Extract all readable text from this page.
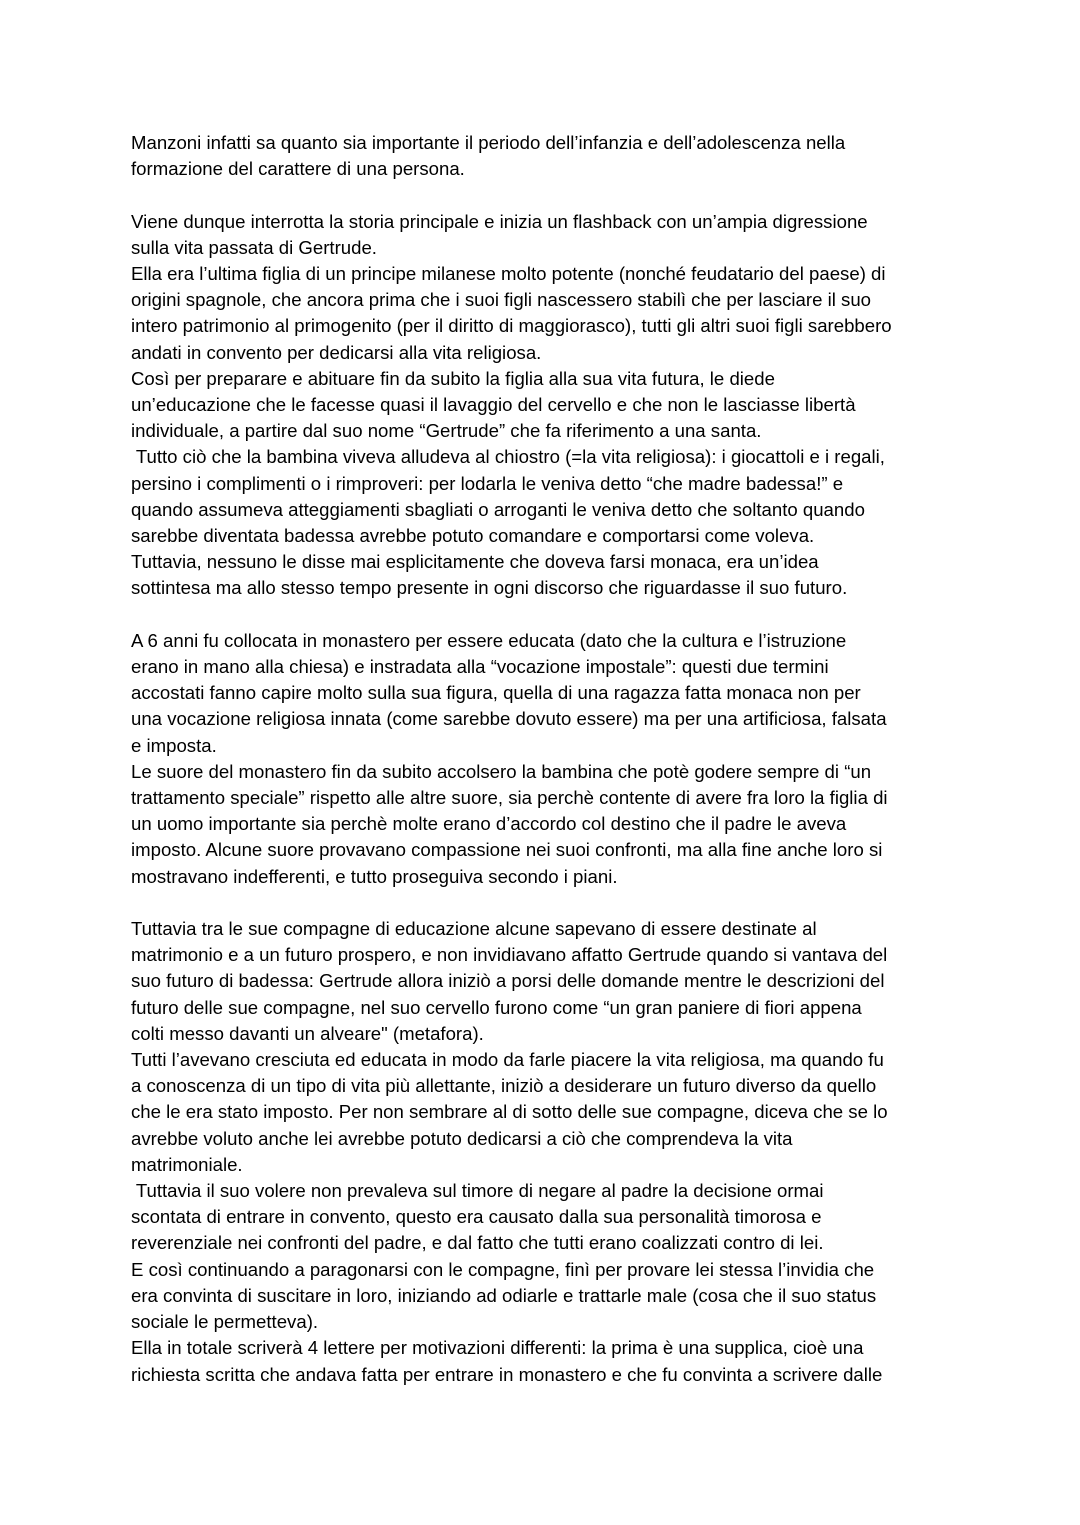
Manzoni infatti sa quanto sia importante il periodo dell’infanzia e dell’adolescenza nella
formazione del carattere di una persona.

Viene dunque interrotta la storia principale e inizia un flashback con un’ampia digressione
sulla vita passata di Gertrude.

Ella era l’ultima figlia di un principe milanese molto potente (nonché feudatario del paese) di
origini spagnole, che ancora prima che i suoi figli nascessero stabilì che per lasciare il suo
intero patrimonio al primogenito (per il diritto di maggiorasco), tutti gli altri suoi figli sarebbero
andati in convento per dedicarsi alla vita religiosa.

Così per preparare e abituare fin da subito la figlia alla sua vita futura, le diede
un’educazione che le facesse quasi il lavaggio del cervello e che non le lasciasse libertà
individuale, a partire dal suo nome “Gertrude” che fa riferimento a una santa.

Tutto ciò che la bambina viveva alludeva al chiostro (=la vita religiosa): i giocattoli e i regali,
persino i complimenti o i rimproveri: per lodarla le veniva detto “che madre badessa!” e
quando assumeva atteggiamenti sbagliati o arroganti le veniva detto che soltanto quando
sarebbe diventata badessa avrebbe potuto comandare e comportarsi come voleva.

Tuttavia, nessuno le disse mai esplicitamente che doveva farsi monaca, era un’idea
sottintesa ma allo stesso tempo presente in ogni discorso che riguardasse il suo futuro.

A 6 anni fu collocata in monastero per essere educata (dato che la cultura e l’istruzione
erano in mano alla chiesa) e instradata alla “vocazione impostale”: questi due termini
accostati fanno capire molto sulla sua figura, quella di una ragazza fatta monaca non per
una vocazione religiosa innata (come sarebbe dovuto essere) ma per una artificiosa, falsata
e imposta.

Le suore del monastero fin da subito accolsero la bambina che potè godere sempre di “un
trattamento speciale” rispetto alle altre suore, sia perchè contente di avere fra loro la figlia di
un uomo importante sia perchè molte erano d’accordo col destino che il padre le aveva
imposto. Alcune suore provavano compassione nei suoi confronti, ma alla fine anche loro si
mostravano indefferenti, e tutto proseguiva secondo i piani.

Tuttavia tra le sue compagne di educazione alcune sapevano di essere destinate al
matrimonio e a un futuro prospero, e non invidiavano affatto Gertrude quando si vantava del
suo futuro di badessa: Gertrude allora iniziò a porsi delle domande mentre le descrizioni del
futuro delle sue compagne, nel suo cervello furono come “un gran paniere di fiori appena
colti messo davanti un alveare" (metafora).

Tutti l’avevano cresciuta ed educata in modo da farle piacere la vita religiosa, ma quando fu
a conoscenza di un tipo di vita più allettante, iniziò a desiderare un futuro diverso da quello
che le era stato imposto. Per non sembrare al di sotto delle sue compagne, diceva che se lo
avrebbe voluto anche lei avrebbe potuto dedicarsi a ciò che comprendeva la vita
matrimoniale.

Tuttavia il suo volere non prevaleva sul timore di negare al padre la decisione ormai
scontata di entrare in convento, questo era causato dalla sua personalità timorosa e
reverenziale nei confronti del padre, e dal fatto che tutti erano coalizzati contro di lei.

E così continuando a paragonarsi con le compagne, finì per provare lei stessa l’invidia che
era convinta di suscitare in loro, iniziando ad odiarle e trattarle male (cosa che il suo status
sociale le permetteva).

Ella in totale scriverà 4 lettere per motivazioni differenti: la prima è una supplica, cioè una
richiesta scritta che andava fatta per entrare in monastero e che fu convinta a scrivere dalle
